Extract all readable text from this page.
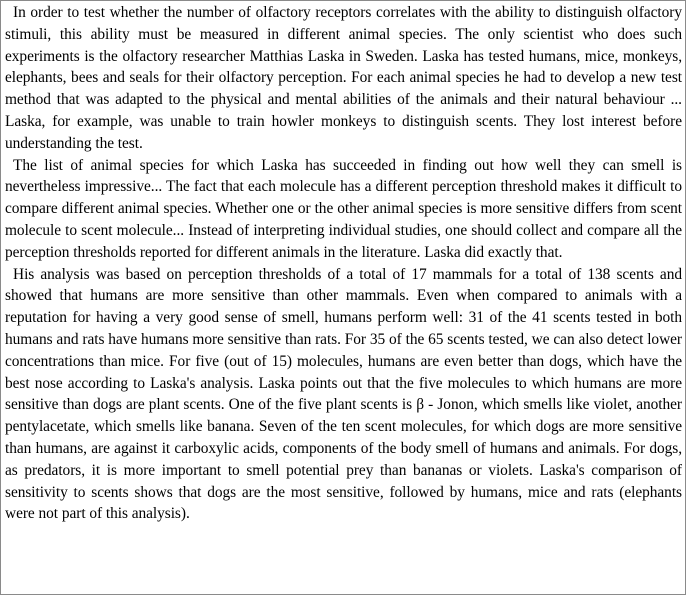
In order to test whether the number of olfactory receptors correlates with the ability to distinguish olfactory stimuli, this ability must be measured in different animal species. The only scientist who does such experiments is the olfactory researcher Matthias Laska in Sweden. Laska has tested humans, mice, monkeys, elephants, bees and seals for their olfactory perception. For each animal species he had to develop a new test method that was adapted to the physical and mental abilities of the animals and their natural behaviour ... Laska, for example, was unable to train howler monkeys to distinguish scents. They lost interest before understanding the test.

The list of animal species for which Laska has succeeded in finding out how well they can smell is nevertheless impressive... The fact that each molecule has a different perception threshold makes it difficult to compare different animal species. Whether one or the other animal species is more sensitive differs from scent molecule to scent molecule... Instead of interpreting individual studies, one should collect and compare all the perception thresholds reported for different animals in the literature. Laska did exactly that.

His analysis was based on perception thresholds of a total of 17 mammals for a total of 138 scents and showed that humans are more sensitive than other mammals. Even when compared to animals with a reputation for having a very good sense of smell, humans perform well: 31 of the 41 scents tested in both humans and rats have humans more sensitive than rats. For 35 of the 65 scents tested, we can also detect lower concentrations than mice. For five (out of 15) molecules, humans are even better than dogs, which have the best nose according to Laska's analysis. Laska points out that the five molecules to which humans are more sensitive than dogs are plant scents. One of the five plant scents is β - Jonon, which smells like violet, another pentylacetate, which smells like banana. Seven of the ten scent molecules, for which dogs are more sensitive than humans, are against it carboxylic acids, components of the body smell of humans and animals. For dogs, as predators, it is more important to smell potential prey than bananas or violets. Laska's comparison of sensitivity to scents shows that dogs are the most sensitive, followed by humans, mice and rats (elephants were not part of this analysis).
